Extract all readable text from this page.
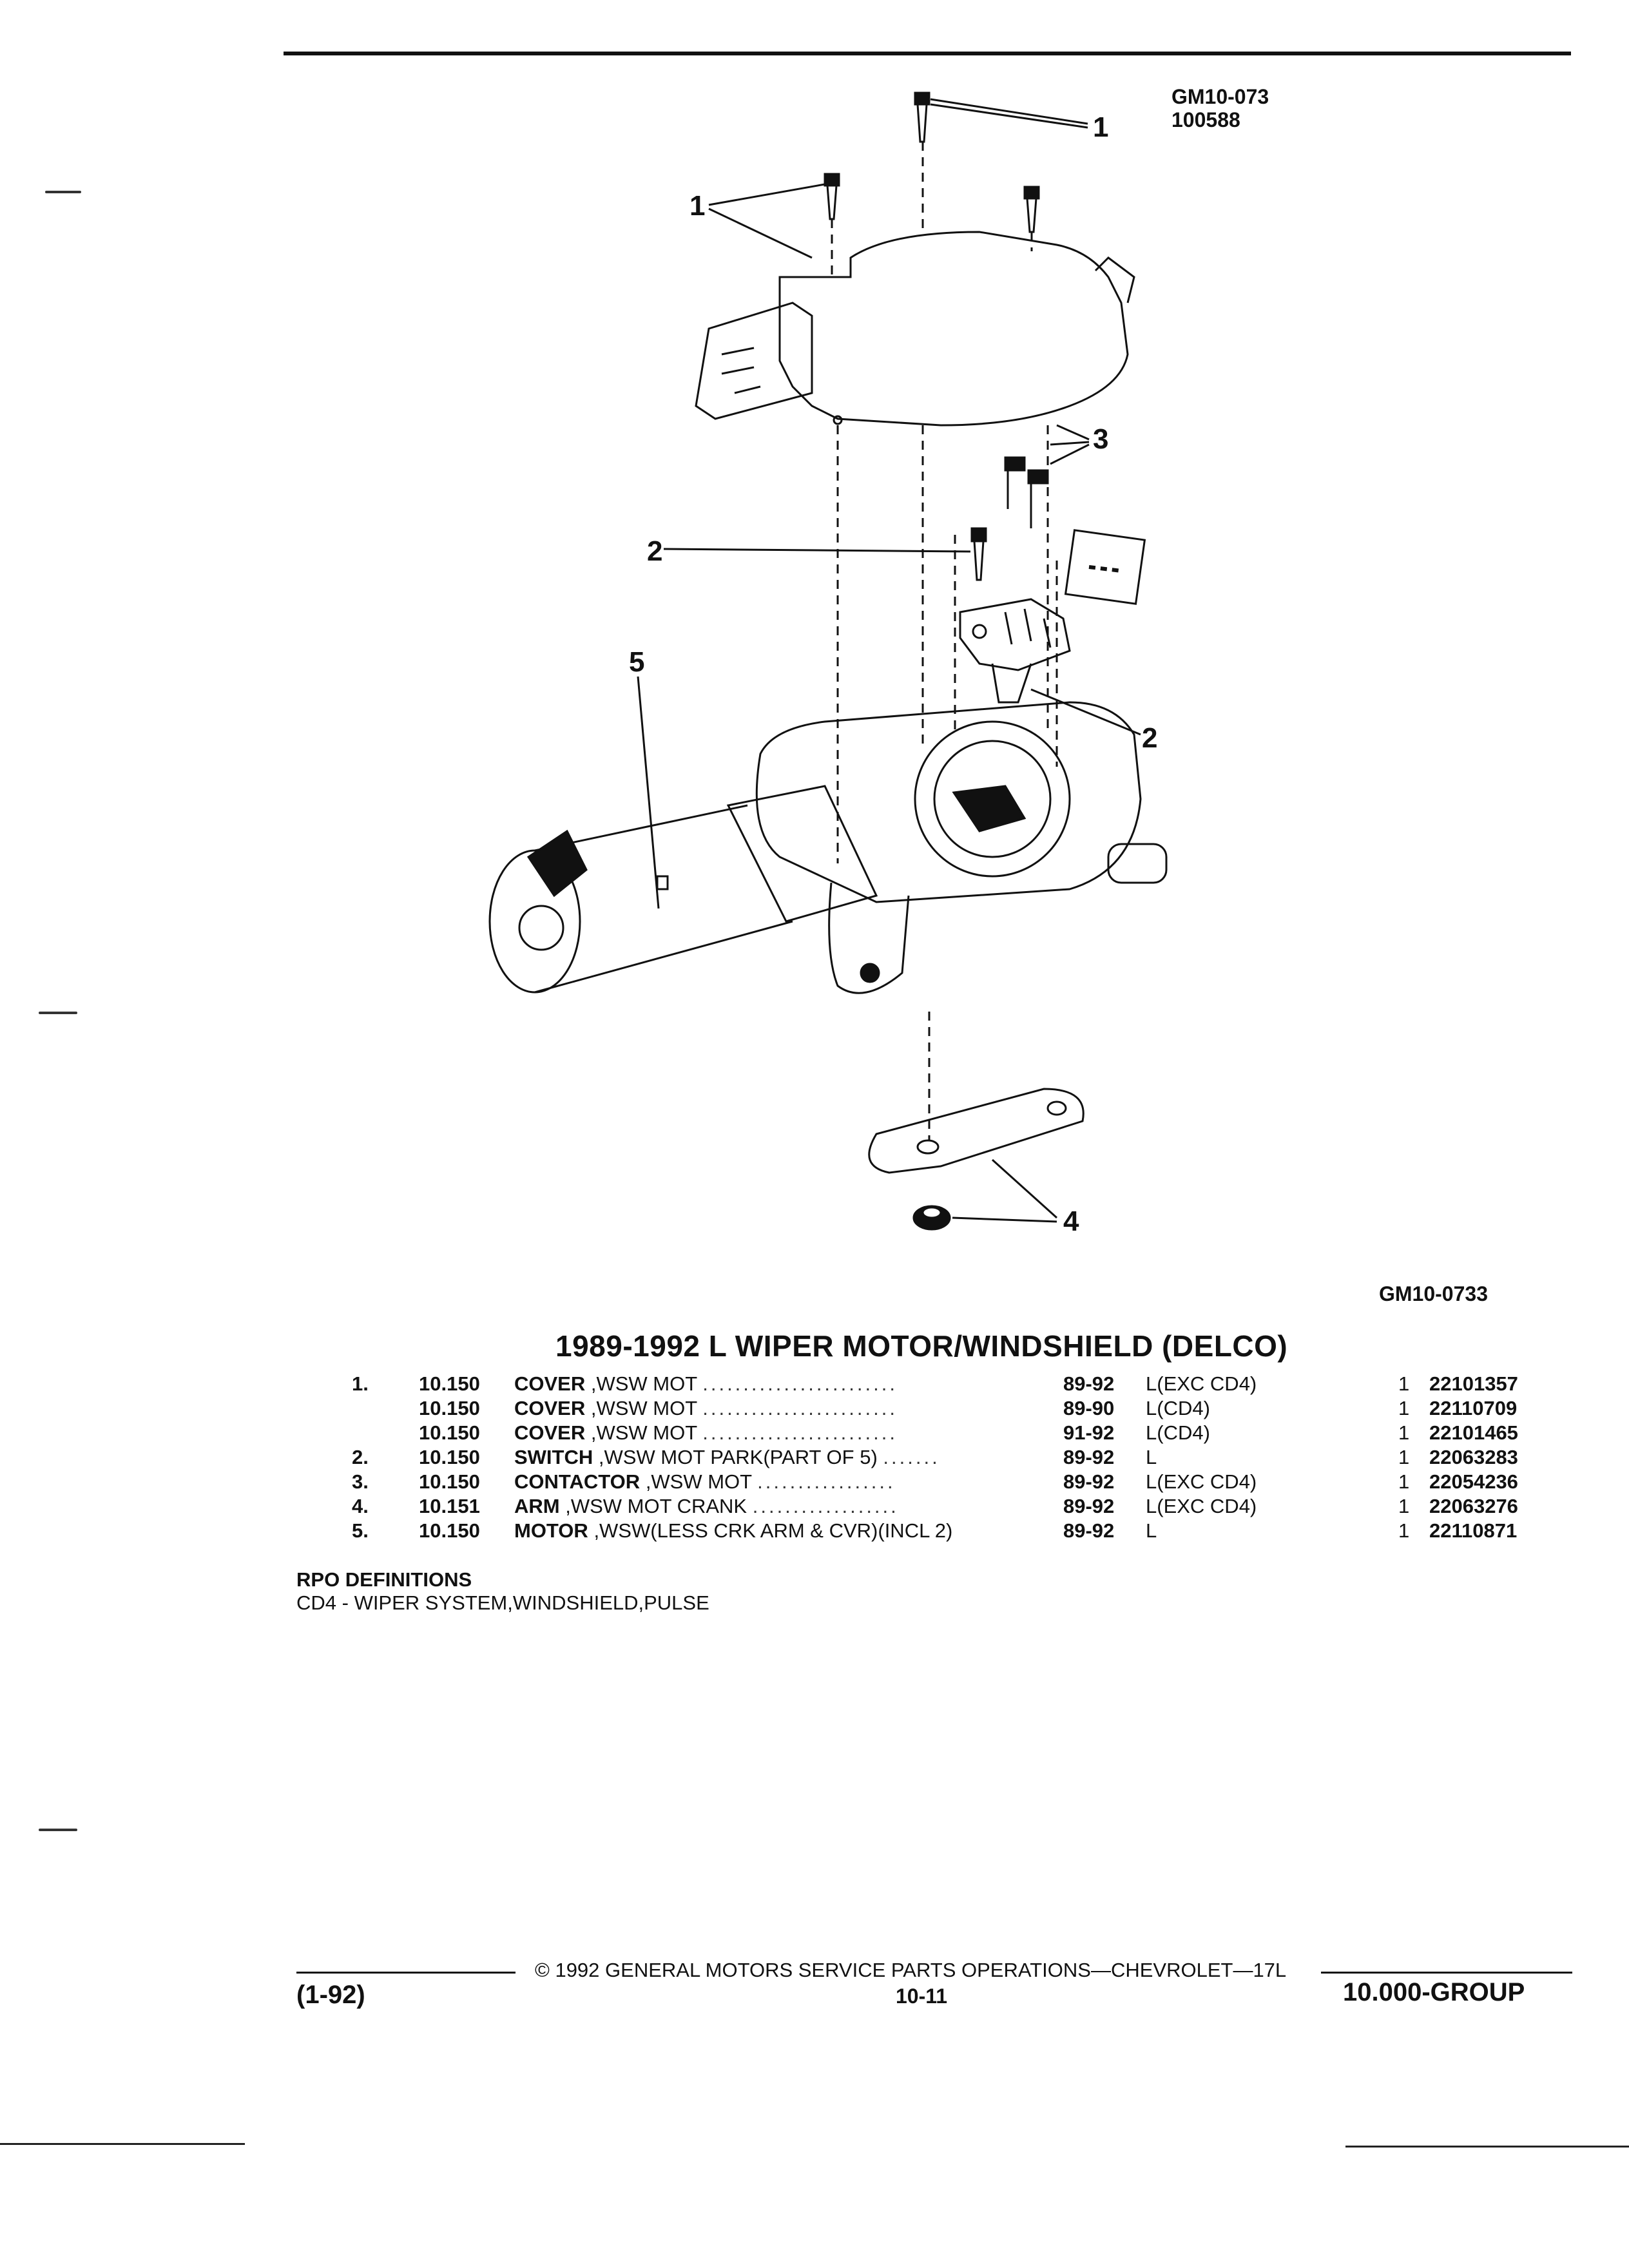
GM10-073
100588
1
1
2
2
3
4
5
GM10-0733
1989-1992 L WIPER MOTOR/WINDSHIELD (DELCO)
1.	10.150 COVER ,WSW MOT ........................	89-92 L(EXC CD4)	1 22101357
10.150 COVER ,WSW MOT ........................	89-90 L(CD4)	1 22110709
10.150 COVER ,WSW MOT ........................	91-92 L(CD4)	1 22101465
2.	10.150 SWITCH ,WSW MOT PARK(PART OF 5) .......	89-92 L	1 22063283
3.	10.150 CONTACTOR ,WSW MOT .................	89-92 L(EXC CD4)	1 22054236
4.	10.151 ARM ,WSW MOT CRANK ..................	89-92 L(EXC CD4)	1 22063276
5.	10.150 MOTOR ,WSW(LESS CRK ARM & CVR)(INCL 2)	89-92 L	1 22110871
RPO DEFINITIONS
CD4 - WIPER SYSTEM,WINDSHIELD,PULSE
© 1992 GENERAL MOTORS SERVICE PARTS OPERATIONS—CHEVROLET—17L
(1-92)	10-11	10.000-GROUP
